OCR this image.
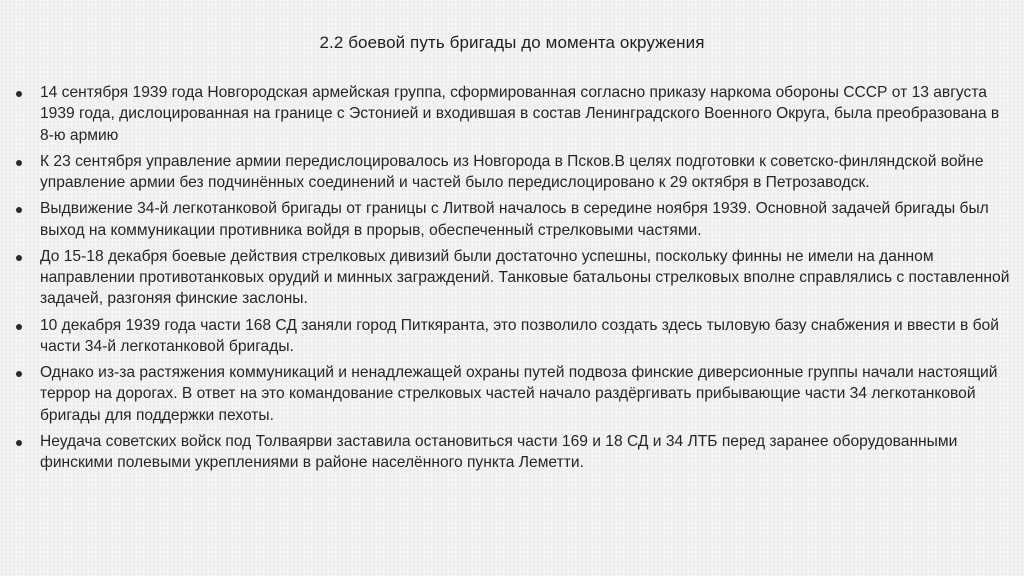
2.2 боевой путь бригады до момента окружения
14 сентября 1939 года Новгородская армейская группа, сформированная согласно приказу наркома обороны СССР от 13 августа 1939 года, дислоцированная на границе с Эстонией и входившая в состав Ленинградского Военного Округа, была преобразована в 8-ю армию
К 23 сентября управление армии передислоцировалось из Новгорода в Псков.В целях подготовки к советско-финляндской войне управление армии без подчинённых соединений и частей было передислоцировано к 29 октября в Петрозаводск.
Выдвижение 34-й легкотанковой бригады от границы с Литвой началось в середине ноября 1939. Основной задачей бригады был выход на коммуникации противника войдя в прорыв, обеспеченный стрелковыми частями.
До 15-18 декабря боевые действия стрелковых дивизий были достаточно успешны, поскольку финны не имели на данном направлении противотанковых орудий и минных заграждений. Танковые батальоны стрелковых вполне справлялись с поставленной задачей, разгоняя финские заслоны.
10 декабря 1939 года части 168 СД заняли город Питкяранта, это позволило создать здесь тыловую базу снабжения и ввести в бой части 34-й легкотанковой бригады.
Однако из-за растяжения коммуникаций и ненадлежащей охраны путей подвоза финские диверсионные группы начали настоящий террор на дорогах. В ответ на это командование стрелковых частей начало раздёргивать прибывающие части 34 легкотанковой бригады для поддержки пехоты.
Неудача советских войск под Толваярви заставила остановиться части 169 и 18 СД и 34 ЛТБ перед заранее оборудованными финскими полевыми укреплениями в районе населённого пункта Леметти.
